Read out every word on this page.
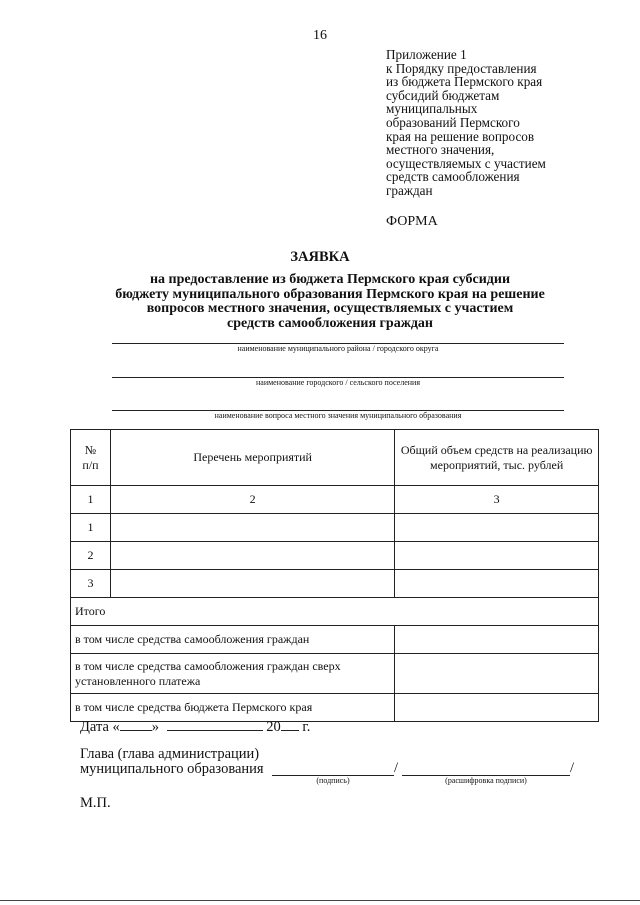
16
Приложение 1
к Порядку предоставления
из бюджета Пермского края
субсидий бюджетам
муниципальных
образований Пермского
края на решение вопросов
местного значения,
осуществляемых с участием
средств самообложения
граждан
ФОРМА
ЗАЯВКА
на предоставление из бюджета Пермского края субсидии
бюджету муниципального образования Пермского края на решение
вопросов местного значения, осуществляемых с участием
средств самообложения граждан
наименование муниципального района / городского округа
наименование городского / сельского поселения
наименование вопроса местного значения муниципального образования
№ п/п	Перечень мероприятий	Общий объем средств на реализацию мероприятий, тыс. рублей
1	2	3
1		
2		
3		
Итого		
в том числе средства самообложения граждан		
в том числе средства самообложения граждан сверх установленного платежа		
в том числе средства бюджета Пермского края		
Дата « »	20 г.
Глава (глава администрации)
муниципального образования
(подпись)
/
(расшифровка подписи)
/
М.П.
